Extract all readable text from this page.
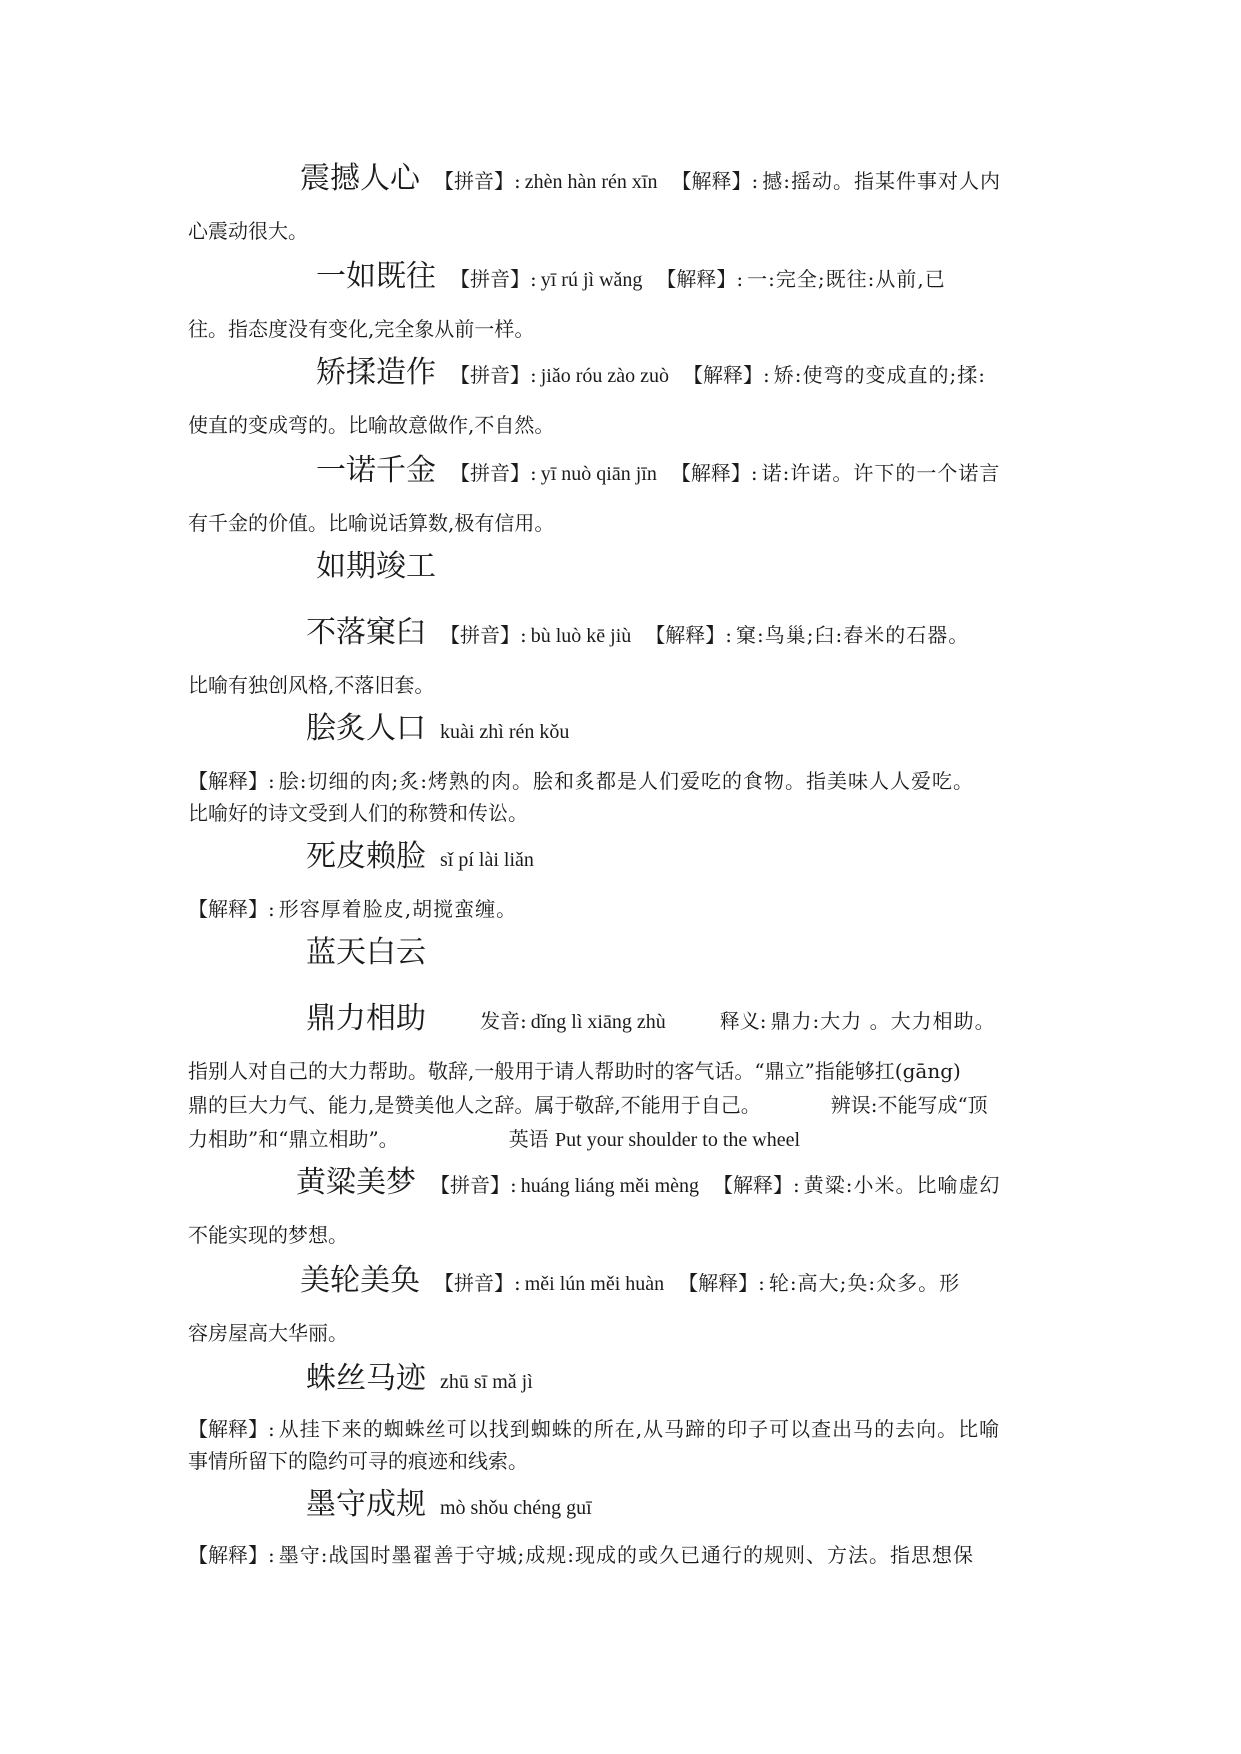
震撼人心 【拼音】: zhèn hàn rén xīn 【解释】: 撼:摇动。指某件事对人内
心震动很大。
一如既往 【拼音】: yī rú jì wǎng 【解释】: 一:完全;既往:从前,已
往。指态度没有变化,完全象从前一样。
矫揉造作 【拼音】: jiǎo róu zào zuò 【解释】: 矫:使弯的变成直的;揉:
使直的变成弯的。比喻故意做作,不自然。
一诺千金 【拼音】: yī nuò qiān jīn 【解释】: 诺:许诺。许下的一个诺言
有千金的价值。比喻说话算数,极有信用。
如期竣工
不落窠臼 【拼音】: bù luò kē jiù 【解释】: 窠:鸟巢;臼:舂米的石器。
比喻有独创风格,不落旧套。
脍炙人口 kuài zhì rén kǒu
【解释】: 脍:切细的肉;炙:烤熟的肉。脍和炙都是人们爱吃的食物。指美味人人爱吃。
比喻好的诗文受到人们的称赞和传讼。
死皮赖脸 sǐ pí lài liǎn
【解释】: 形容厚着脸皮,胡搅蛮缠。
蓝天白云
鼎力相助	发音: dǐng lì xiāng zhù	释义: 鼎力:大力 。大力相助。
指别人对自己的大力帮助。敬辞,一般用于请人帮助时的客气话。“鼎立”指能够扛(gāng)
鼎的巨大力气、能力,是赞美他人之辞。属于敬辞,不能用于自己。	辨误:不能写成“顶
力相助”和“鼎立相助”。	英语 Put your shoulder to the wheel
黄粱美梦 【拼音】: huáng liáng měi mèng 【解释】: 黄粱:小米。比喻虚幻
不能实现的梦想。
美轮美奂 【拼音】: měi lún měi huàn 【解释】: 轮:高大;奂:众多。形
容房屋高大华丽。
蛛丝马迹 zhū sī mǎ jì
【解释】: 从挂下来的蜘蛛丝可以找到蜘蛛的所在,从马蹄的印子可以查出马的去向。比喻
事情所留下的隐约可寻的痕迹和线索。
墨守成规 mò shǒu chéng guī
【解释】: 墨守:战国时墨翟善于守城;成规:现成的或久已通行的规则、方法。指思想保
